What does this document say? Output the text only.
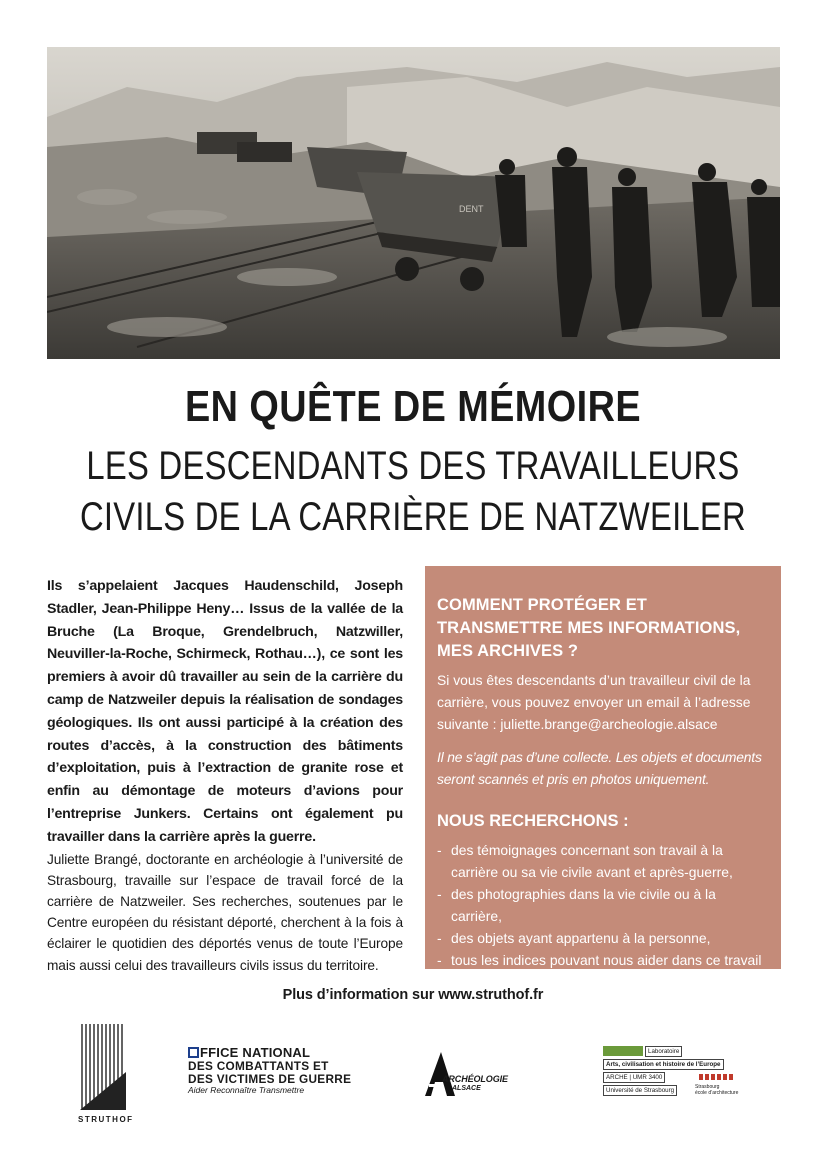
DENT
EN QUÊTE DE MÉMOIRE
LES DESCENDANTS DES TRAVAILLEURS
CIVILS DE LA CARRIÈRE DE NATZWEILER

Ils s’appelaient Jacques Haudenschild, Joseph Stadler, Jean-Philippe Heny… Issus de la vallée de la Bruche (La Broque, Grendelbruch, Natzwiller, Neuviller-la-Roche, Schirmeck, Rothau…), ce sont les premiers à avoir dû travailler au sein de la carrière du camp de Natzweiler depuis la réalisation de sondages géologiques. Ils ont aussi participé à la création des routes d’accès, à la construction des bâtiments d’exploitation, puis à l’extraction de granite rose et enfin au démontage de moteurs d’avions pour l’entreprise Junkers. Certains ont également pu travailler dans la carrière après la guerre.

Juliette Brangé, doctorante en archéologie à l’université de Strasbourg, travaille sur l’espace de travail forcé de la carrière de Natzweiler. Ses recherches, soutenues par le Centre européen du résistant déporté, cherchent à la fois à éclairer le quotidien des déportés venus de toute l’Europe mais aussi celui des travailleurs civils issus du territoire.

COMMENT PROTÉGER ET TRANSMETTRE MES INFORMATIONS, MES ARCHIVES ?

Si vous êtes descendants d’un travailleur civil de la carrière, vous pouvez envoyer un email à l’adresse suivante : juliette.brange@archeologie.alsace

Il ne s’agit pas d’une collecte. Les objets et documents seront scannés et pris en photos uniquement.

NOUS RECHERCHONS :
- des témoignages concernant son travail à la carrière ou sa vie civile avant et après-guerre,
- des photographies dans la vie civile ou à la carrière,
- des objets ayant appartenu à la personne,
- tous les indices pouvant nous aider dans ce travail de recherche.
Plus d’information sur www.struthof.fr
STRUTHOF
FFICE NATIONAL
DES COMBATTANTS ET
DES VICTIMES DE GUERRE
Aider Reconnaître Transmettre
ARCHÉOLOGIE
ALSACE
Laboratoire
Arts, civilisation et histoire de l’Europe
ARCHE | UMR 3400
Université de Strasbourg	Strasbourg
école d’architecture
